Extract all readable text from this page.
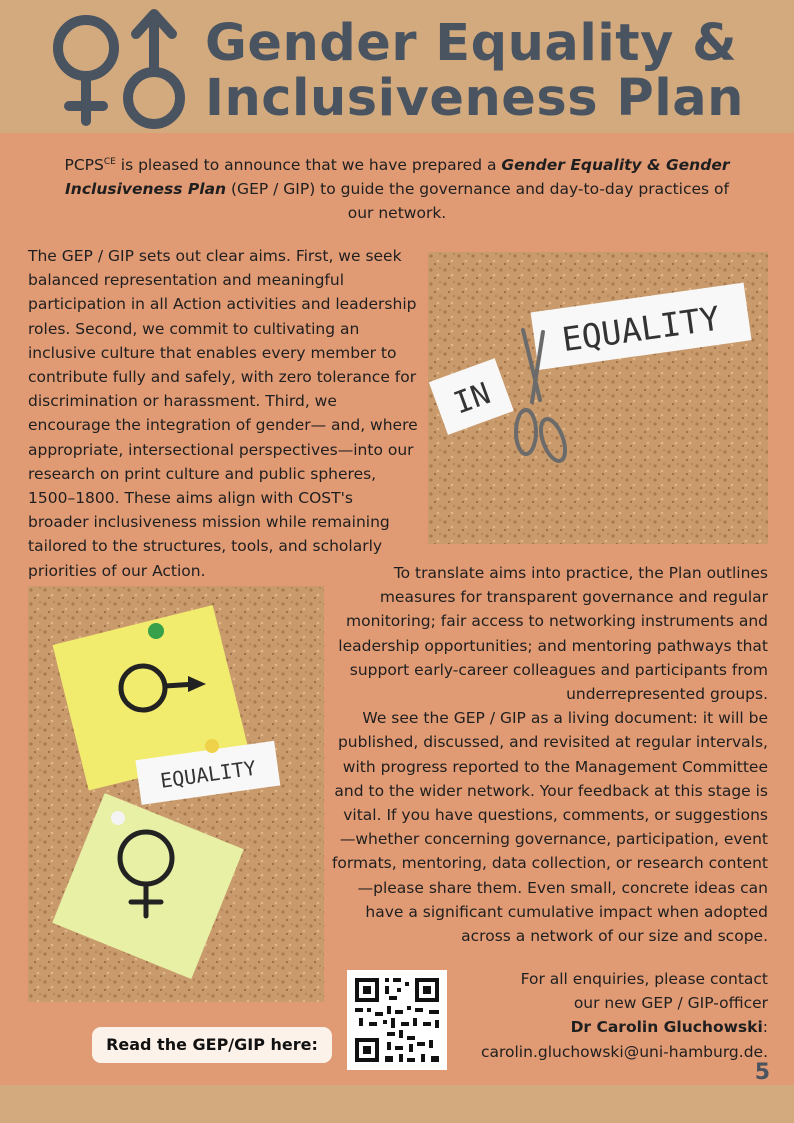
Gender Equality &
Inclusiveness Plan
$PCPS^{CE}$ is pleased to announce that we have prepared a Gender Equality & Gender Inclusiveness Plan (GEP / GIP) to guide the governance and day-to-day practices of our network.
The GEP / GIP sets out clear aims. First, we seek balanced representation and meaningful participation in all Action activities and leadership roles. Second, we commit to cultivating an inclusive culture that enables every member to contribute fully and safely, with zero tolerance for discrimination or harassment. Third, we encourage the integration of gender— and, where appropriate, intersectional perspectives—into our research on print culture and public spheres, 1500–1800. These aims align with COST's broader inclusiveness mission while remaining tailored to the structures, tools, and scholarly priorities of our Action.
EQUALITY
IN
EQUALITY

To translate aims into practice, the Plan outlines measures for transparent governance and regular monitoring; fair access to networking instruments and leadership opportunities; and mentoring pathways that support early-career colleagues and participants from underrepresented groups.

We see the GEP / GIP as a living document: it will be published, discussed, and revisited at regular intervals, with progress reported to the Management Committee and to the wider network. Your feedback at this stage is vital. If you have questions, comments, or suggestions —whether concerning governance, participation, event formats, mentoring, data collection, or research content—please share them. Even small, concrete ideas can have a significant cumulative impact when adopted across a network of our size and scope.

Read the GEP/GIP here:
For all enquiries, please contact
our new GEP / GIP-officer
Dr Carolin Gluchowski:
carolin.gluchowski@uni-hamburg.de.
5
